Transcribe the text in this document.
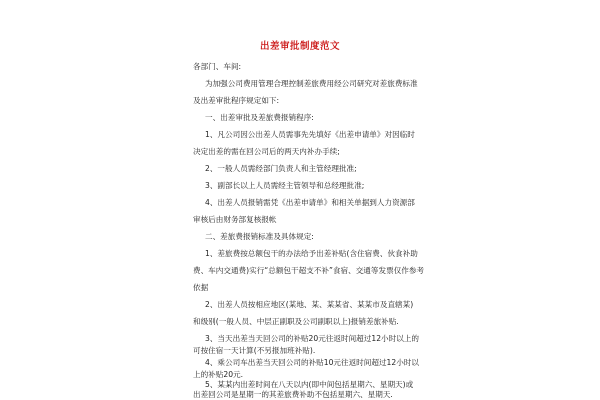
出差审批制度范文
各部门、车间:
为加强公司费用管理合理控制差旅费用经公司研究对差旅费标准
及出差审批程序规定如下:
一、出差审批及差旅费报销程序:
1、凡公司因公出差人员需事先先填好《出差申请单》对因临时
决定出差的需在回公司后的两天内补办手续;
2、一般人员需经部门负责人和主管经理批准;
3、副部长以上人员需经主管领导和总经理批准;
4、出差人员报销需凭《出差申请单》和相关单据到人力资源部
审核后由财务部复核报帐
二、差旅费报销标准及具体规定:
1、差旅费按总额包干的办法给予出差补贴(含住宿费、伙食补助
费、车内交通费)实行“总额包干超支不补”食宿、交通等发票仅作参考
依据
2、出差人员按相应地区(某地、某、某某省、某某市及直辖某)
和级别(一般人员、中层正副职及公司副职以上)报销差旅补贴.
3、当天出差当天回公司的补贴20元往返时间超过12小时以上的
可按住宿一天计算(不另报加班补贴).
4、乘公司车出差当天回公司的补贴10元往返时间超过12小时以
上的补贴20元.
5、某某内出差时间在八天以内(即中间包括星期六、星期天)或
出差回公司是星期一的其差旅费补助不包括星期六、星期天.
